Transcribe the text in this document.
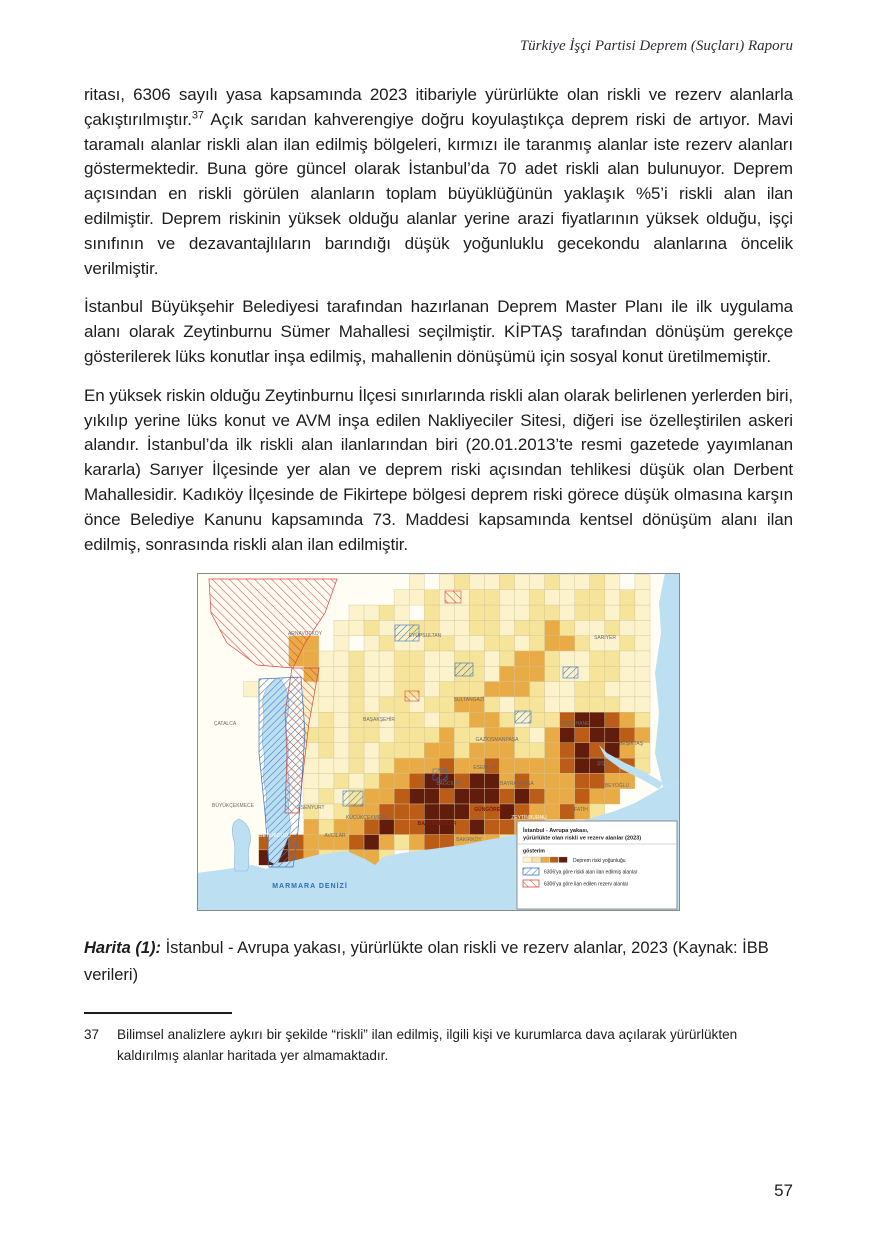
Türkiye İşçi Partisi Deprem (Suçları) Raporu

ritası, 6306 sayılı yasa kapsamında 2023 itibariyle yürürlükte olan riskli ve rezerv alanlarla çakıştırılmıştır.$^{37}$ Açık sarıdan kahverengiye doğru koyulaştıkça deprem riski de artıyor. Mavi taramalı alanlar riskli alan ilan edilmiş bölgeleri, kırmızı ile taranmış alanlar iste rezerv alanları göstermektedir. Buna göre güncel olarak İstanbul’da 70 adet riskli alan bulunuyor. Deprem açısından en riskli görülen alanların toplam büyüklüğünün yaklaşık %5’i riskli alan ilan edilmiştir. Deprem riskinin yüksek olduğu alanlar yerine arazi fiyatlarının yüksek olduğu, işçi sınıfının ve dezavantajlıların barındığı düşük yoğunluklu gecekondu alanlarına öncelik verilmiştir.

İstanbul Büyükşehir Belediyesi tarafından hazırlanan Deprem Master Planı ile ilk uygulama alanı olarak Zeytinburnu Sümer Mahallesi seçilmiştir. KİPTAŞ tarafından dönüşüm gerekçe gösterilerek lüks konutlar inşa edilmiş, mahallenin dönüşümü için sosyal konut üretilmemiştir.

En yüksek riskin olduğu Zeytinburnu İlçesi sınırlarında riskli alan olarak belirlenen yerlerden biri, yıkılıp yerine lüks konut ve AVM inşa edilen Nakliyeciler Sitesi, diğeri ise özelleştirilen askeri alandır. İstanbul’da ilk riskli alan ilanlarından biri (20.01.2013’te resmi gazetede yayımlanan kararla) Sarıyer İlçesinde yer alan ve deprem riski açısından tehlikesi düşük olan Derbent Mahallesidir. Kadıköy İlçesinde de Fikirtepe bölgesi deprem riski görece düşük olmasına karşın önce Belediye Kanunu kapsamında 73. Maddesi kapsamında kentsel dönüşüm alanı ilan edilmiş, sonrasında riskli alan ilan edilmiştir.

ÇATALCA
ARNAVUTKÖY	EYÜPSULTAN	SARIYER
BAŞAKŞEHİR
SULTANGAZİ
GAZİOSMANPAŞA
KAĞITHANE
ŞİŞLİ
BEŞİKTAŞ
BEYOĞLU
ESENLER
BAĞCILAR	BAYRAMPAŞA
GÜNGÖREN
BAHÇELİEVLER
ZEYTİNBURNU
FATİH
BAKIRKÖY
KÜÇÜKÇEKMECE
AVCILAR
ESENYURT
BEYLİKDÜZÜ
BÜYÜKÇEKMECE
MARMARA DENİZİ
İstanbul - Avrupa yakası,
yürürlükte olan riskli ve rezerv alanlar (2023)
gösterim
Deprem riski yoğunluğu
6306'ya göre riskli alan ilan edilmiş alanlar
6306'ya göre ilan edilen rezerv alanlar

Harita (1): İstanbul - Avrupa yakası, yürürlükte olan riskli ve rezerv alanlar, 2023 (Kaynak: İBB verileri)

37	Bilimsel analizlere aykırı bir şekilde “riskli” ilan edilmiş, ilgili kişi ve kurumlarca dava açılarak yürürlükten kaldırılmış alanlar haritada yer almamaktadır.
57
